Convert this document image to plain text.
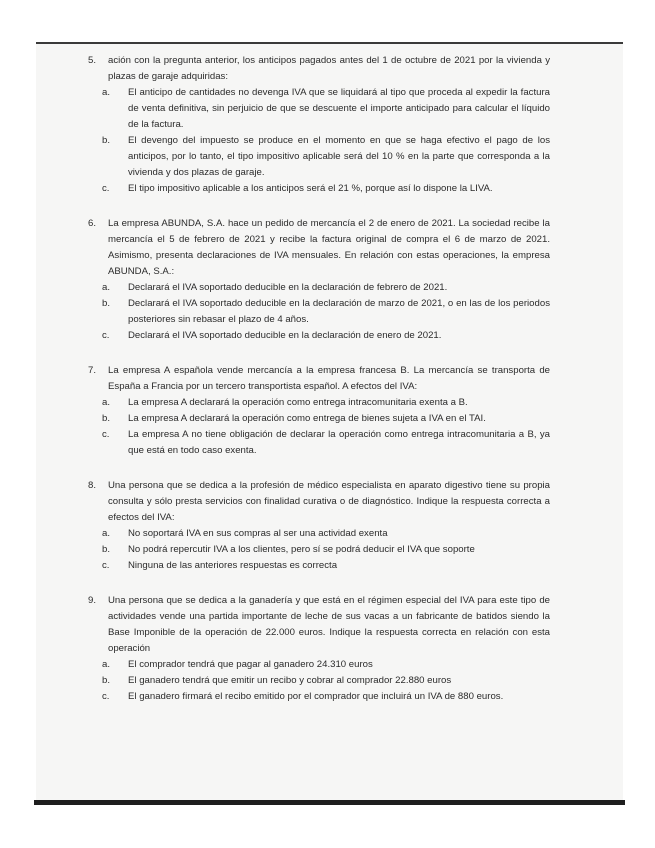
5. ación con la pregunta anterior, los anticipos pagados antes del 1 de octubre de 2021 por la vivienda y plazas de garaje adquiridas:
a. El anticipo de cantidades no devenga IVA que se liquidará al tipo que proceda al expedir la factura de venta definitiva, sin perjuicio de que se descuente el importe anticipado para calcular el líquido de la factura.
b. El devengo del impuesto se produce en el momento en que se haga efectivo el pago de los anticipos, por lo tanto, el tipo impositivo aplicable será del 10 % en la parte que corresponda a la vivienda y dos plazas de garaje.
c. El tipo impositivo aplicable a los anticipos será el 21 %, porque así lo dispone la LIVA.
6. La empresa ABUNDA, S.A. hace un pedido de mercancía el 2 de enero de 2021. La sociedad recibe la mercancía el 5 de febrero de 2021 y recibe la factura original de compra el 6 de marzo de 2021. Asimismo, presenta declaraciones de IVA mensuales. En relación con estas operaciones, la empresa ABUNDA, S.A.:
a. Declarará el IVA soportado deducible en la declaración de febrero de 2021.
b. Declarará el IVA soportado deducible en la declaración de marzo de 2021, o en las de los periodos posteriores sin rebasar el plazo de 4 años.
c. Declarará el IVA soportado deducible en la declaración de enero de 2021.
7. La empresa A española vende mercancía a la empresa francesa B. La mercancía se transporta de España a Francia por un tercero transportista español. A efectos del IVA:
a. La empresa A declarará la operación como entrega intracomunitaria exenta a B.
b. La empresa A declarará la operación como entrega de bienes sujeta a IVA en el TAI.
c. La empresa A no tiene obligación de declarar la operación como entrega intracomunitaria a B, ya que está en todo caso exenta.
8. Una persona que se dedica a la profesión de médico especialista en aparato digestivo tiene su propia consulta y sólo presta servicios con finalidad curativa o de diagnóstico. Indique la respuesta correcta a efectos del IVA:
a. No soportará IVA en sus compras al ser una actividad exenta
b. No podrá repercutir IVA a los clientes, pero sí se podrá deducir el IVA que soporte
c. Ninguna de las anteriores respuestas es correcta
9. Una persona que se dedica a la ganadería y que está en el régimen especial del IVA para este tipo de actividades vende una partida importante de leche de sus vacas a un fabricante de batidos siendo la Base Imponible de la operación de 22.000 euros. Indique la respuesta correcta en relación con esta operación
a. El comprador tendrá que pagar al ganadero 24.310 euros
b. El ganadero tendrá que emitir un recibo y cobrar al comprador 22.880 euros
c. El ganadero firmará el recibo emitido por el comprador que incluirá un IVA de 880 euros.
